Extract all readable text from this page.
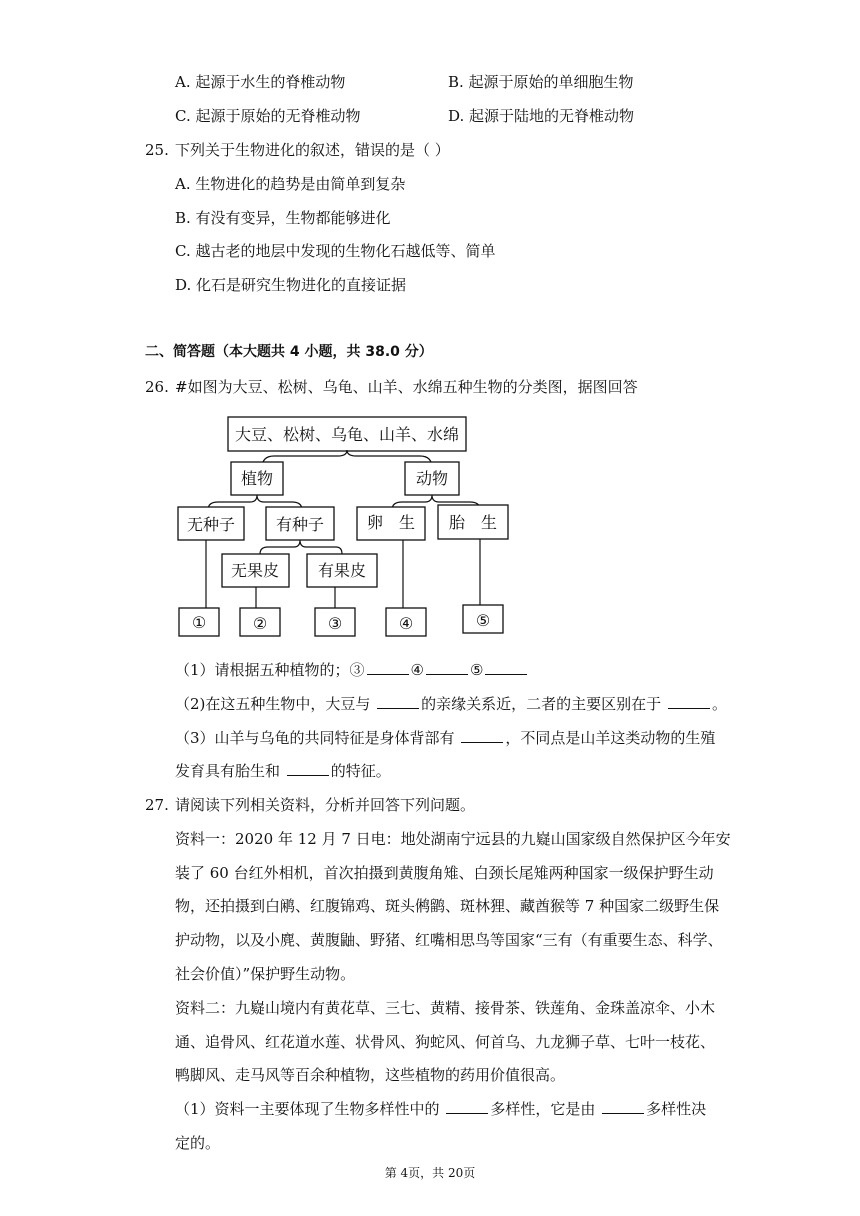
A. 起源于水生的脊椎动物	B. 起源于原始的单细胞生物
C. 起源于原始的无脊椎动物	D. 起源于陆地的无脊椎动物
25. 下列关于生物进化的叙述，错误的是（ ）
A. 生物进化的趋势是由简单到复杂
B. 有没有变异，生物都能够进化
C. 越古老的地层中发现的生物化石越低等、简单
D. 化石是研究生物进化的直接证据
二、简答题（本大题共 4 小题，共 38.0 分）
26. #如图为大豆、松树、乌龟、山羊、水绵五种生物的分类图，据图回答
大豆、松树、乌龟、山羊、水绵
植物	动物
无种子	有种子	卵　生 胎　生
无果皮 有果皮
①	②	③	④	⑤
（1）请根据五种植物的；③	④	⑤
（2)在这五种生物中，大豆与	的亲缘关系近，二者的主要区别在于	。
（3）山羊与乌龟的共同特征是身体背部有	，不同点是山羊这类动物的生殖
发育具有胎生和	的特征。
27. 请阅读下列相关资料，分析并回答下列问题。
资料一：2020 年 12 月 7 日电：地处湖南宁远县的九嶷山国家级自然保护区今年安
装了 60 台红外相机，首次拍摄到黄腹角雉、白颈长尾雉两种国家一级保护野生动
物，还拍摄到白鹇、红腹锦鸡、斑头鸺鹠、斑林狸、藏酋猴等 7 种国家二级野生保
护动物，以及小麂、黄腹鼬、野猪、红嘴相思鸟等国家“三有（有重要生态、科学、
社会价值）”保护野生动物。
资料二：九嶷山境内有黄花草、三七、黄精、接骨茶、铁莲角、金珠盖凉伞、小木
通、追骨风、红花道水莲、状骨风、狗蛇风、何首乌、九龙狮子草、七叶一枝花、
鸭脚风、走马风等百余种植物，这些植物的药用价值很高。
（1）资料一主要体现了生物多样性中的	多样性，它是由	多样性决
定的。
第 4页，共 20页
